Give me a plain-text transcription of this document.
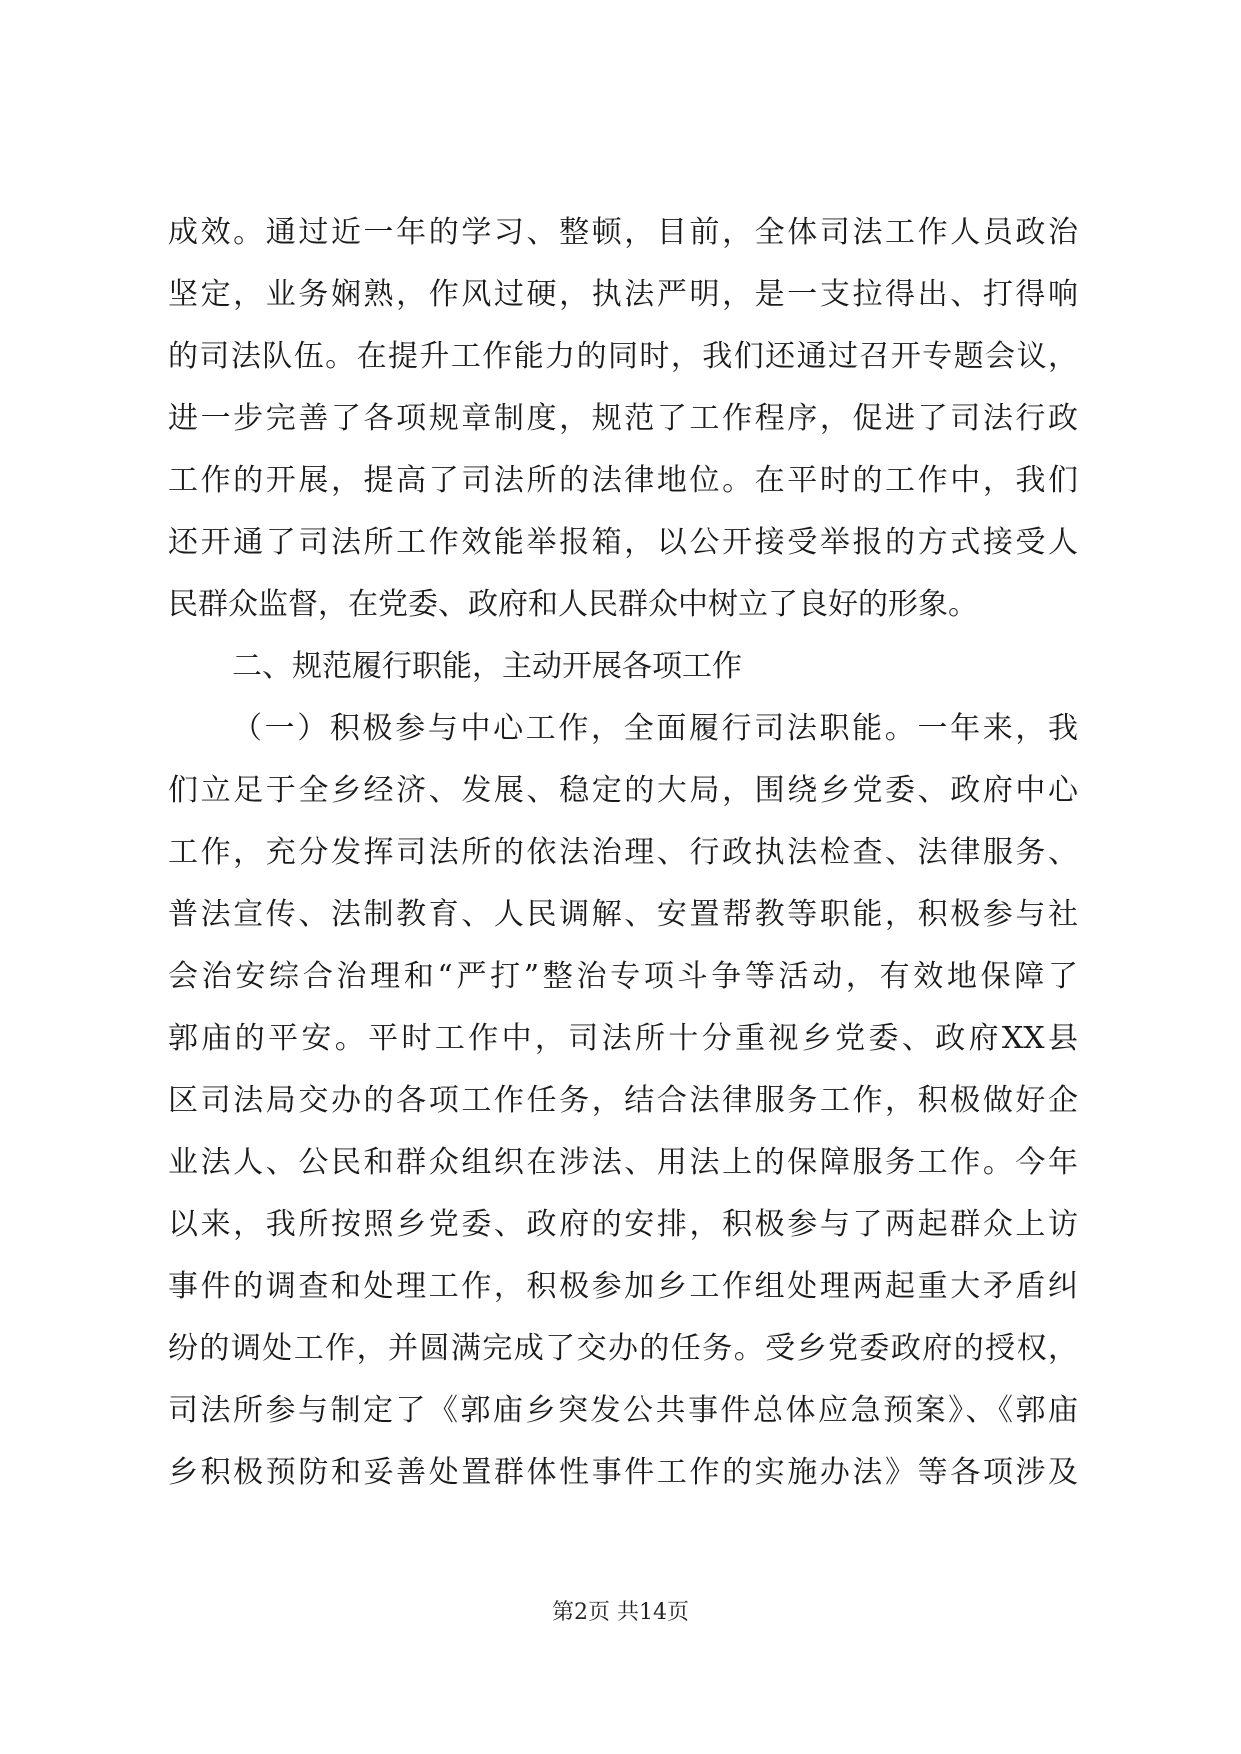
成效。通过近一年的学习、整顿，目前，全体司法工作人员政治
坚定，业务娴熟，作风过硬，执法严明，是一支拉得出、打得响
的司法队伍。在提升工作能力的同时，我们还通过召开专题会议，
进一步完善了各项规章制度，规范了工作程序，促进了司法行政
工作的开展，提高了司法所的法律地位。在平时的工作中，我们
还开通了司法所工作效能举报箱，以公开接受举报的方式接受人
民群众监督，在党委、政府和人民群众中树立了良好的形象。
二、规范履行职能，主动开展各项工作
（一）积极参与中心工作，全面履行司法职能。一年来，我
们立足于全乡经济、发展、稳定的大局，围绕乡党委、政府中心
工作，充分发挥司法所的依法治理、行政执法检查、法律服务、
普法宣传、法制教育、人民调解、安置帮教等职能，积极参与社
会治安综合治理和“严打”整治专项斗争等活动，有效地保障了
郭庙的平安。平时工作中，司法所十分重视乡党委、政府XX县
区司法局交办的各项工作任务，结合法律服务工作，积极做好企
业法人、公民和群众组织在涉法、用法上的保障服务工作。今年
以来，我所按照乡党委、政府的安排，积极参与了两起群众上访
事件的调查和处理工作，积极参加乡工作组处理两起重大矛盾纠
纷的调处工作，并圆满完成了交办的任务。受乡党委政府的授权，
司法所参与制定了《郭庙乡突发公共事件总体应急预案》、《郭庙
乡积极预防和妥善处置群体性事件工作的实施办法》等各项涉及
第2页 共14页
